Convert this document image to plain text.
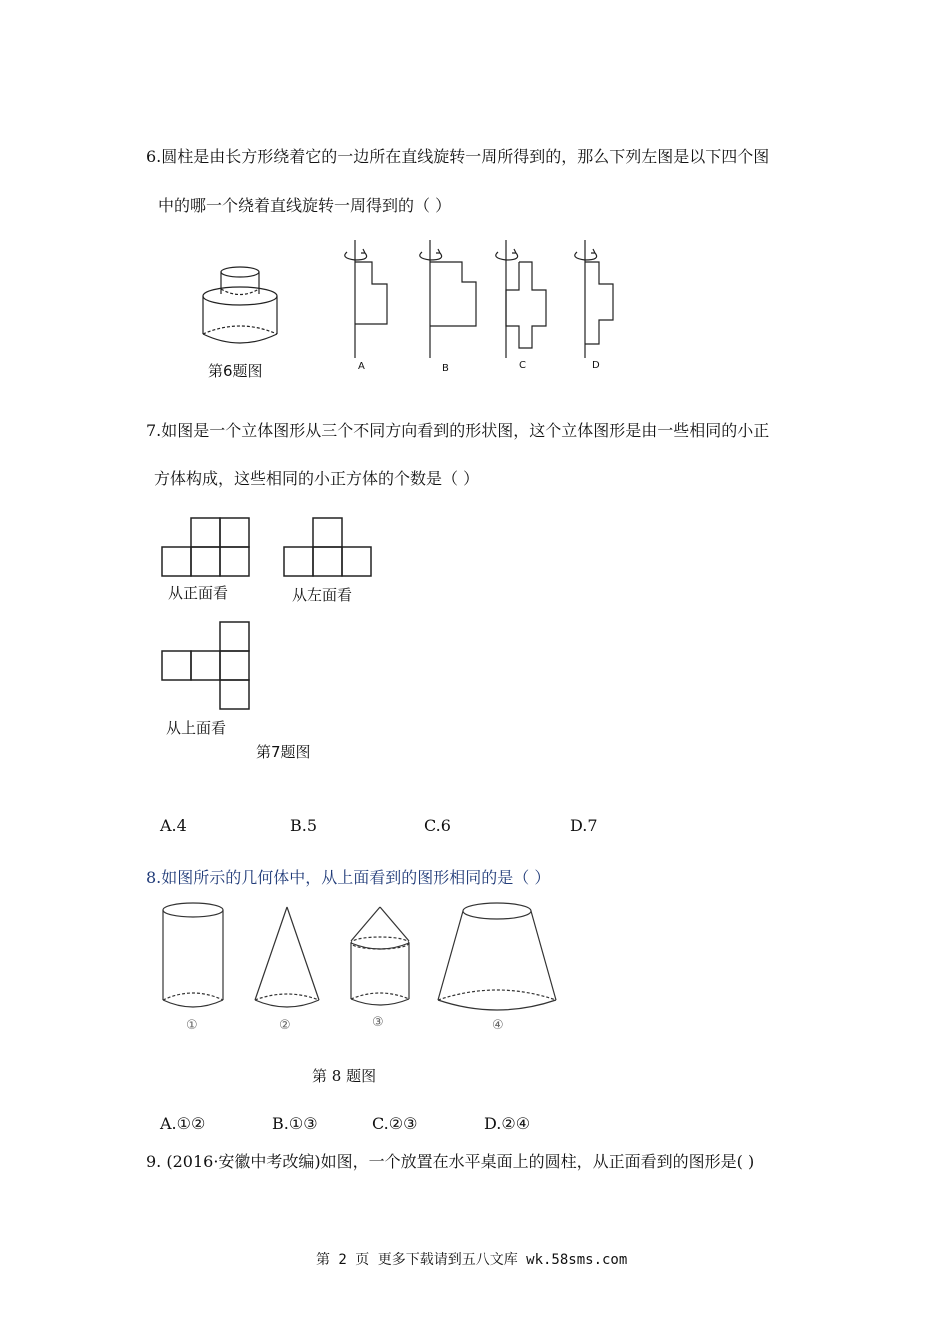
6.圆柱是由长方形绕着它的一边所在直线旋转一周所得到的，那么下列左图是以下四个图
中的哪一个绕着直线旋转一周得到的（ ）
第6题图	A	B	C	D
7.如图是一个立体图形从三个不同方向看到的形状图，这个立体图形是由一些相同的小正
方体构成，这些相同的小正方体的个数是（ ）
从正面看	从左面看
从上面看
第7题图
A.4	B.5	C.6	D.7
8.如图所示的几何体中，从上面看到的图形相同的是（ ）
①	②	③	④
第 8 题图
A.①②	B.①③	C.②③	D.②④
9. (2016·安徽中考改编)如图，一个放置在水平桌面上的圆柱，从正面看到的图形是( )
第 2 页 更多下载请到五八文库 wk.58sms.com
